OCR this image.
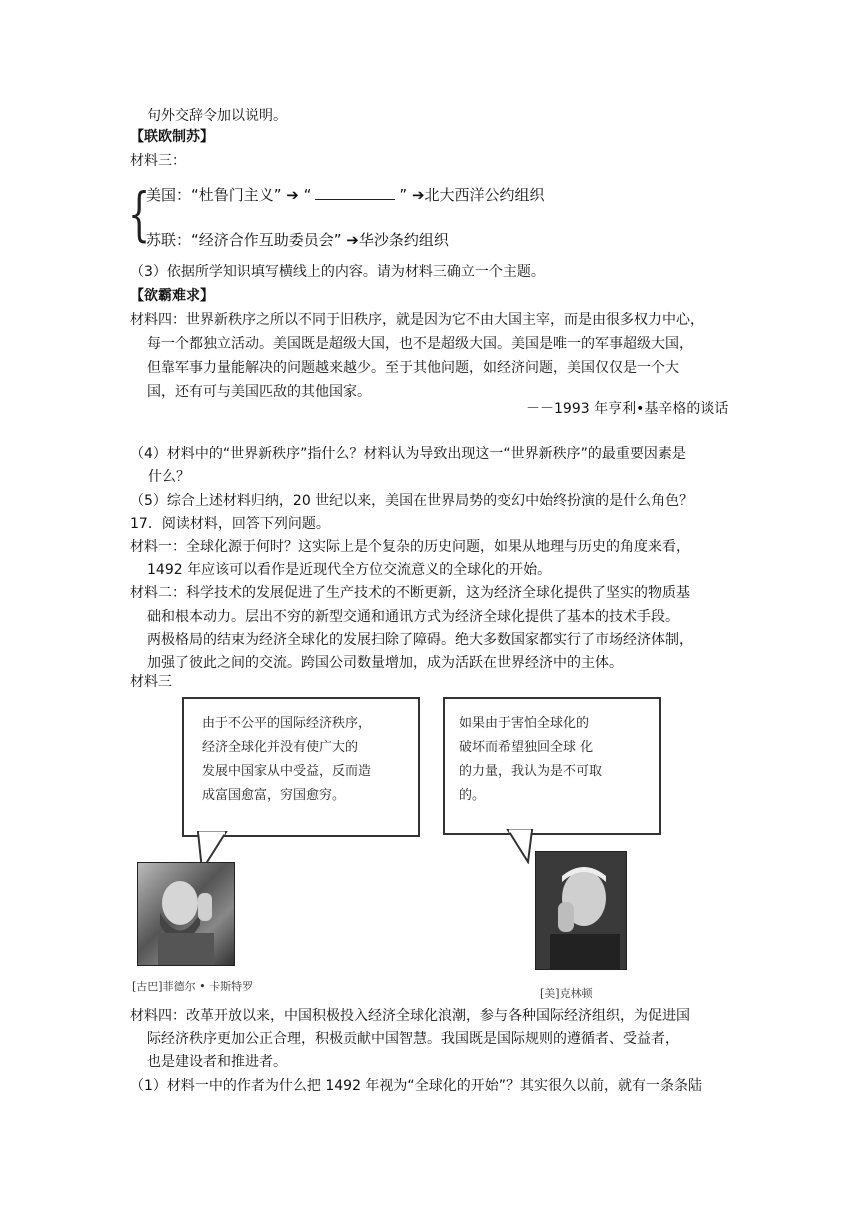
句外交辞令加以说明。
【联欧制苏】
材料三：
{
美国：“杜鲁门主义” ➔ “	” ➔北大西洋公约组织
苏联：“经济合作互助委员会” ➔华沙条约组织
（3）依据所学知识填写横线上的内容。请为材料三确立一个主题。
【欲霸难求】
材料四：世界新秩序之所以不同于旧秩序，就是因为它不由大国主宰，而是由很多权力中心，
每一个都独立活动。美国既是超级大国，也不是超级大国。美国是唯一的军事超级大国，
但靠军事力量能解决的问题越来越少。至于其他问题，如经济问题，美国仅仅是一个大
国，还有可与美国匹敌的其他国家。
－－1993 年亨利•基辛格的谈话
（4）材料中的“世界新秩序”指什么？材料认为导致出现这一“世界新秩序”的最重要因素是
什么？
（5）综合上述材料归纳，20 世纪以来，美国在世界局势的变幻中始终扮演的是什么角色？
17．阅读材料，回答下列问题。
材料一：全球化源于何时？这实际上是个复杂的历史问题，如果从地理与历史的角度来看，
1492 年应该可以看作是近现代全方位交流意义的全球化的开始。
材料二：科学技术的发展促进了生产技术的不断更新，这为经济全球化提供了坚实的物质基
础和根本动力。层出不穷的新型交通和通讯方式为经济全球化提供了基本的技术手段。
两极格局的结束为经济全球化的发展扫除了障碍。绝大多数国家都实行了市场经济体制，
加强了彼此之间的交流。跨国公司数量增加，成为活跃在世界经济中的主体。
材料三
由于不公平的国际经济秩序，
经济全球化并没有使广大的
发展中国家从中受益，反而造
成富国愈富，穷国愈穷。
如果由于害怕全球化的
破坏而希望独回全球 化
的力量，我认为是不可取
的。
[古巴]菲德尔 • 卡斯特罗
[美]克林顿
材料四：改革开放以来，中国积极投入经济全球化浪潮，参与各种国际经济组织，为促进国
际经济秩序更加公正合理，积极贡献中国智慧。我国既是国际规则的遵循者、受益者，
也是建设者和推进者。
（1）材料一中的作者为什么把 1492 年视为“全球化的开始”？其实很久以前，就有一条条陆
